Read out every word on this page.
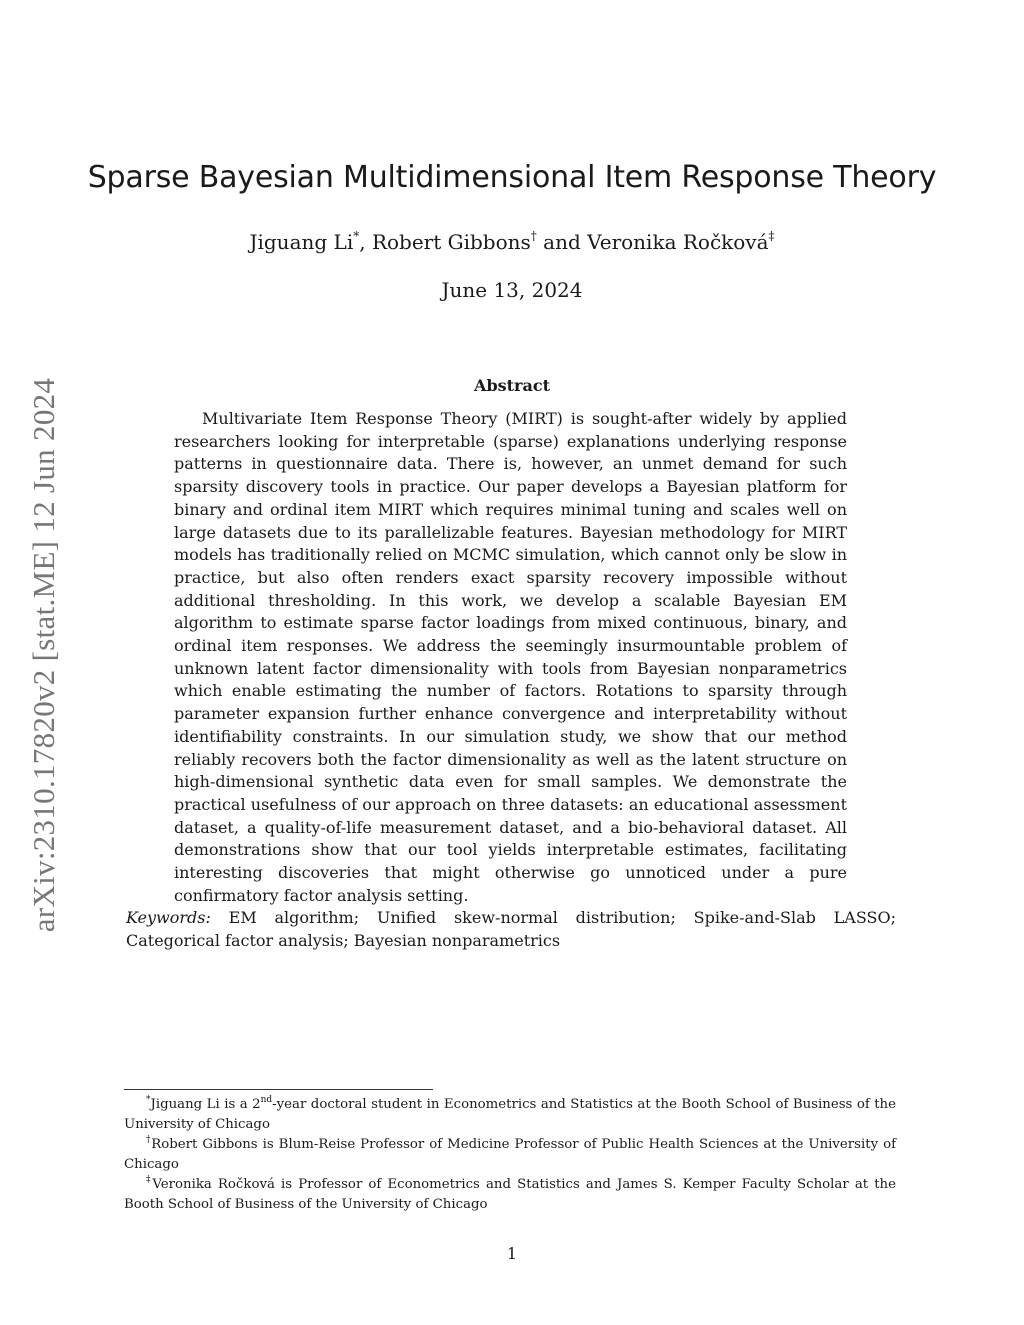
arXiv:2310.17820v2 [stat.ME] 12 Jun 2024
Sparse Bayesian Multidimensional Item Response Theory
Jiguang Li*, Robert Gibbons† and Veronika Ročková‡
June 13, 2024
Abstract

Multivariate Item Response Theory (MIRT) is sought-after widely by applied researchers looking for interpretable (sparse) explanations underlying response patterns in questionnaire data. There is, however, an unmet demand for such sparsity discovery tools in practice. Our paper develops a Bayesian platform for binary and ordinal item MIRT which requires minimal tuning and scales well on large datasets due to its parallelizable features. Bayesian methodology for MIRT models has traditionally relied on MCMC simulation, which cannot only be slow in practice, but also often renders exact sparsity recovery impossible without additional thresholding. In this work, we develop a scalable Bayesian EM algorithm to estimate sparse factor loadings from mixed continuous, binary, and ordinal item responses. We address the seemingly insurmountable problem of unknown latent factor dimensionality with tools from Bayesian nonparametrics which enable estimating the number of factors. Rotations to sparsity through parameter expansion further enhance convergence and interpretability without identifiability constraints. In our simulation study, we show that our method reliably recovers both the factor dimensionality as well as the latent structure on high-dimensional synthetic data even for small samples. We demonstrate the practical usefulness of our approach on three datasets: an educational assessment dataset, a quality-of-life measurement dataset, and a bio-behavioral dataset. All demonstrations show that our tool yields interpretable estimates, facilitating interesting discoveries that might otherwise go unnoticed under a pure confirmatory factor analysis setting.

Keywords: EM algorithm; Unified skew-normal distribution; Spike-and-Slab LASSO; Categorical factor analysis; Bayesian nonparametrics

*Jiguang Li is a 2nd-year doctoral student in Econometrics and Statistics at the Booth School of Business of the University of Chicago

†Robert Gibbons is Blum-Reise Professor of Medicine Professor of Public Health Sciences at the University of Chicago

‡Veronika Ročková is Professor of Econometrics and Statistics and James S. Kemper Faculty Scholar at the Booth School of Business of the University of Chicago

1
